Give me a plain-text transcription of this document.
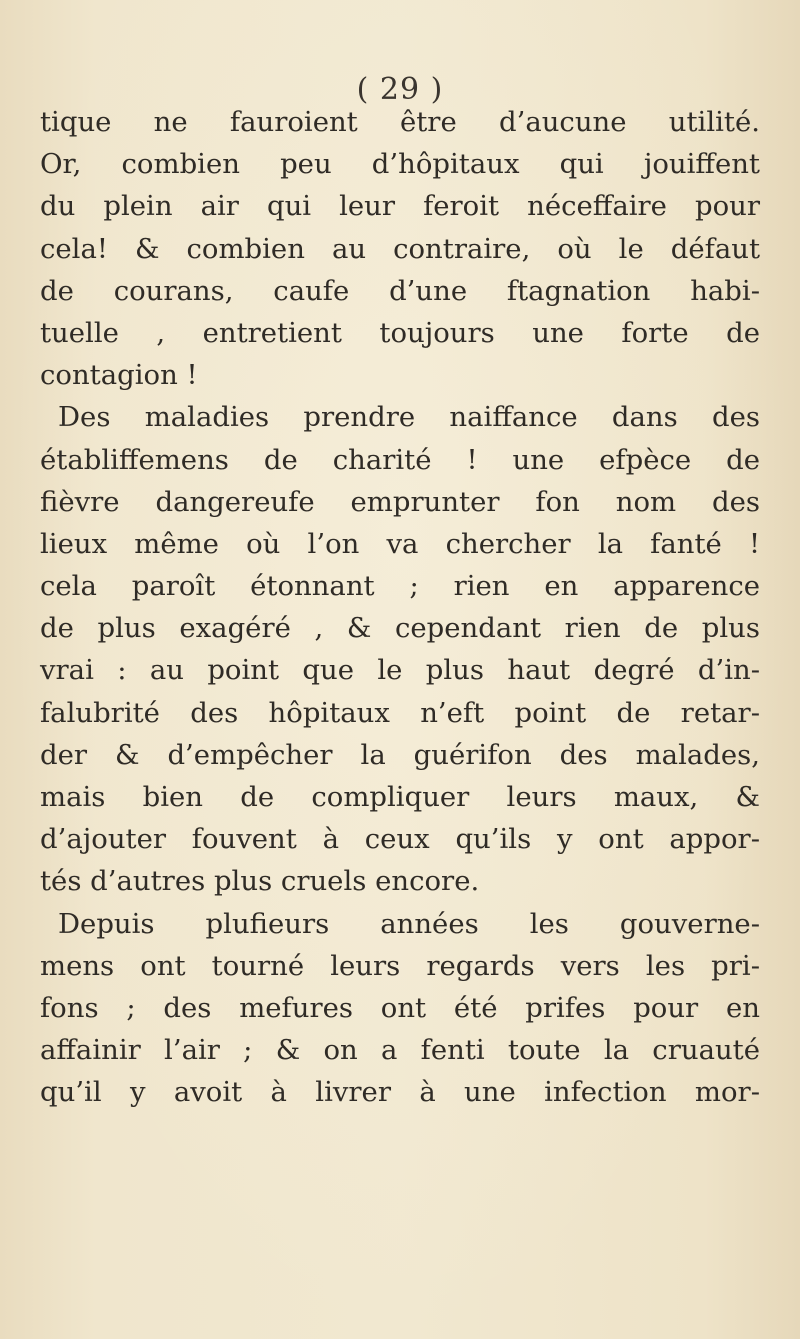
( 29 )
tique ne fauroient être d’aucune utilité.
Or, combien peu d’hôpitaux qui jouiffent
du plein air qui leur feroit néceffaire pour
cela! & combien au contraire, où le défaut
de courans, caufe d’une ftagnation habi-
tuelle , entretient toujours une forte de
contagion !
Des maladies prendre naiffance dans des
établiffemens de charité ! une efpèce de
fièvre dangereufe emprunter fon nom des
lieux même où l’on va chercher la fanté !
cela paroît étonnant ; rien en apparence
de plus exagéré , & cependant rien de plus
vrai : au point que le plus haut degré d’in-
falubrité des hôpitaux n’eft point de retar-
der & d’empêcher la guérifon des malades,
mais bien de compliquer leurs maux, &
d’ajouter fouvent à ceux qu’ils y ont appor-
tés d’autres plus cruels encore.
Depuis plufieurs années les gouverne-
mens ont tourné leurs regards vers les pri-
fons ; des mefures ont été prifes pour en
affainir l’air ; & on a fenti toute la cruauté
qu’il y avoit à livrer à une infection mor-
